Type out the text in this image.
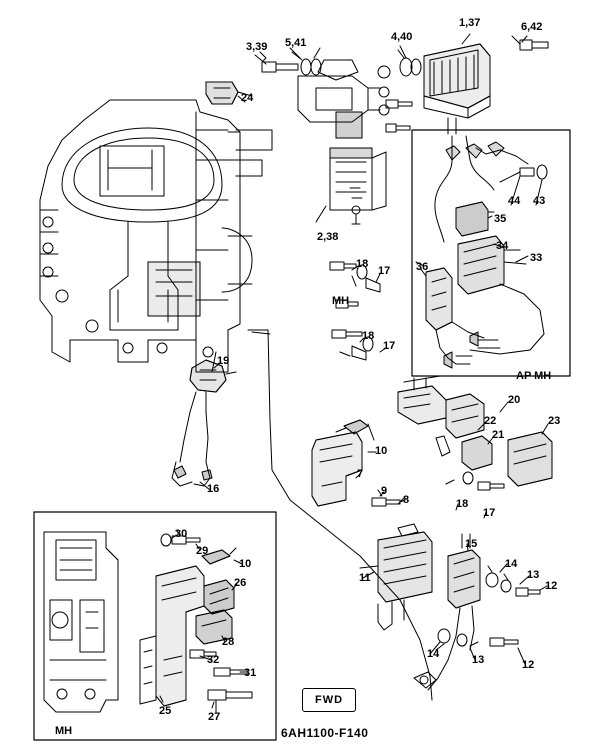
3,39 5,41	4,40
1,37	6,42
24
2,38
44 43
35
34
33
36
18
17
MH
18
17
AP MH
19
20
22
21
23
10
7
16	9
8	18
17
15
14
13
12
11
14	13	12
30
29
10
26
28
32
31
25	27
MH
FWD
6AH1100-F140
